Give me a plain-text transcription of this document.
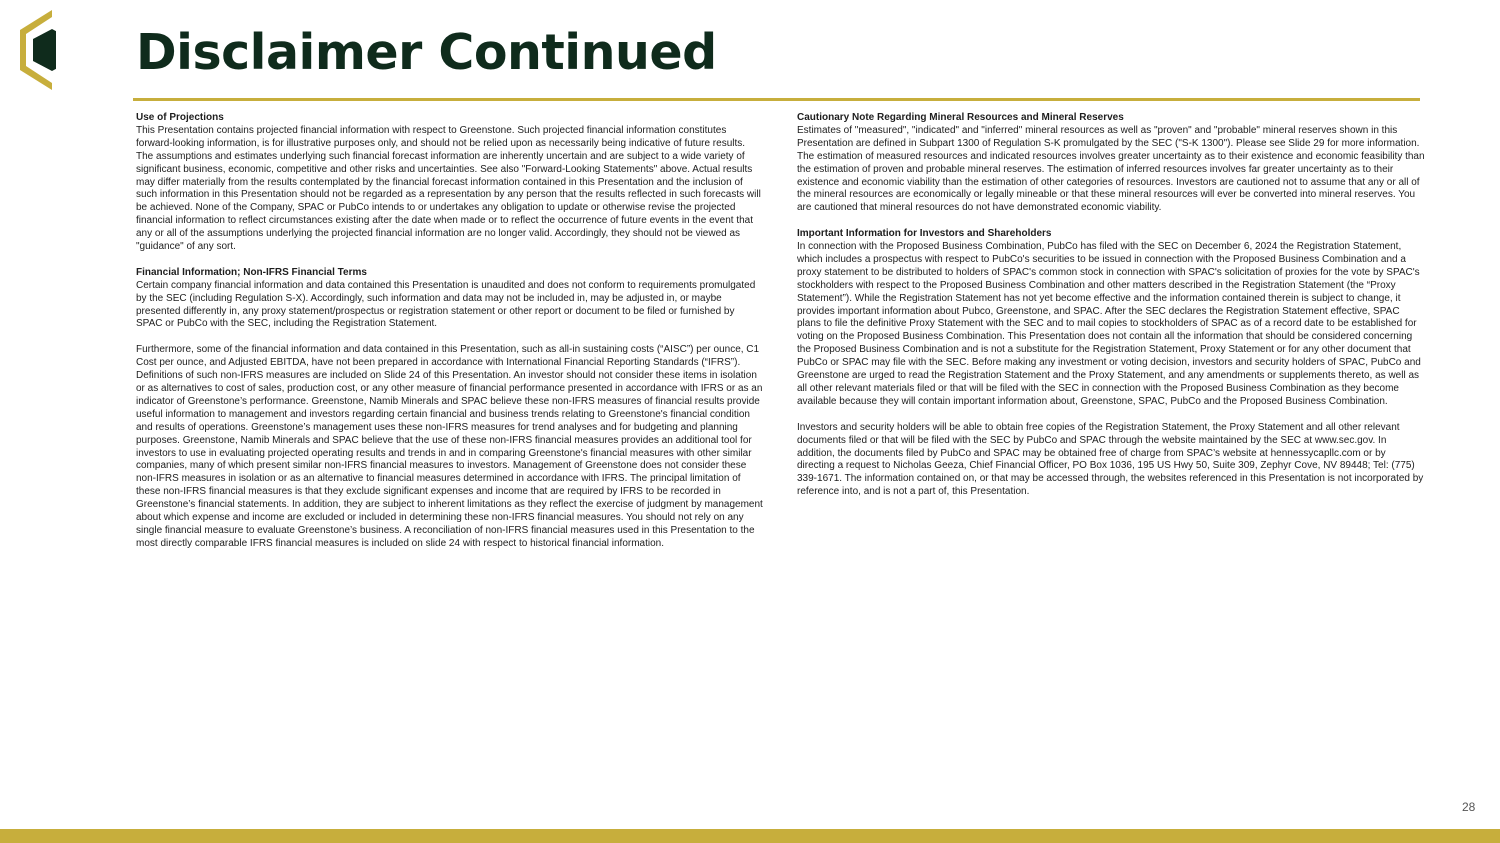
Disclaimer Continued
Use of Projections
This Presentation contains projected financial information with respect to Greenstone. Such projected financial information constitutes forward-looking information, is for illustrative purposes only, and should not be relied upon as necessarily being indicative of future results. The assumptions and estimates underlying such financial forecast information are inherently uncertain and are subject to a wide variety of significant business, economic, competitive and other risks and uncertainties. See also "Forward-Looking Statements" above. Actual results may differ materially from the results contemplated by the financial forecast information contained in this Presentation and the inclusion of such information in this Presentation should not be regarded as a representation by any person that the results reflected in such forecasts will be achieved. None of the Company, SPAC or PubCo intends to or undertakes any obligation to update or otherwise revise the projected financial information to reflect circumstances existing after the date when made or to reflect the occurrence of future events in the event that any or all of the assumptions underlying the projected financial information are no longer valid. Accordingly, they should not be viewed as "guidance" of any sort.
Financial Information; Non-IFRS Financial Terms
Certain company financial information and data contained this Presentation is unaudited and does not conform to requirements promulgated by the SEC (including Regulation S-X). Accordingly, such information and data may not be included in, may be adjusted in, or maybe presented differently in, any proxy statement/prospectus or registration statement or other report or document to be filed or furnished by SPAC or PubCo with the SEC, including the Registration Statement.
Furthermore, some of the financial information and data contained in this Presentation, such as all-in sustaining costs (“AISC”) per ounce, C1 Cost per ounce, and Adjusted EBITDA, have not been prepared in accordance with International Financial Reporting Standards (“IFRS”). Definitions of such non-IFRS measures are included on Slide 24 of this Presentation. An investor should not consider these items in isolation or as alternatives to cost of sales, production cost, or any other measure of financial performance presented in accordance with IFRS or as an indicator of Greenstone’s performance. Greenstone, Namib Minerals and SPAC believe these non-IFRS measures of financial results provide useful information to management and investors regarding certain financial and business trends relating to Greenstone's financial condition and results of operations. Greenstone’s management uses these non-IFRS measures for trend analyses and for budgeting and planning purposes. Greenstone, Namib Minerals and SPAC believe that the use of these non-IFRS financial measures provides an additional tool for investors to use in evaluating projected operating results and trends in and in comparing Greenstone's financial measures with other similar companies, many of which present similar non-IFRS financial measures to investors. Management of Greenstone does not consider these non-IFRS measures in isolation or as an alternative to financial measures determined in accordance with IFRS. The principal limitation of these non-IFRS financial measures is that they exclude significant expenses and income that are required by IFRS to be recorded in Greenstone’s financial statements. In addition, they are subject to inherent limitations as they reflect the exercise of judgment by management about which expense and income are excluded or included in determining these non-IFRS financial measures. You should not rely on any single financial measure to evaluate Greenstone’s business. A reconciliation of non-IFRS financial measures used in this Presentation to the most directly comparable IFRS financial measures is included on slide 24 with respect to historical financial information.
Cautionary Note Regarding Mineral Resources and Mineral Reserves
Estimates of "measured", "indicated" and "inferred" mineral resources as well as "proven" and "probable" mineral reserves shown in this Presentation are defined in Subpart 1300 of Regulation S-K promulgated by the SEC ("S-K 1300"). Please see Slide 29 for more information. The estimation of measured resources and indicated resources involves greater uncertainty as to their existence and economic feasibility than the estimation of proven and probable mineral reserves. The estimation of inferred resources involves far greater uncertainty as to their existence and economic viability than the estimation of other categories of resources. Investors are cautioned not to assume that any or all of the mineral resources are economically or legally mineable or that these mineral resources will ever be converted into mineral reserves. You are cautioned that mineral resources do not have demonstrated economic viability.
Important Information for Investors and Shareholders
In connection with the Proposed Business Combination, PubCo has filed with the SEC on December 6, 2024 the Registration Statement, which includes a prospectus with respect to PubCo's securities to be issued in connection with the Proposed Business Combination and a proxy statement to be distributed to holders of SPAC's common stock in connection with SPAC's solicitation of proxies for the vote by SPAC's stockholders with respect to the Proposed Business Combination and other matters described in the Registration Statement (the “Proxy Statement”). While the Registration Statement has not yet become effective and the information contained therein is subject to change, it provides important information about Pubco, Greenstone, and SPAC. After the SEC declares the Registration Statement effective, SPAC plans to file the definitive Proxy Statement with the SEC and to mail copies to stockholders of SPAC as of a record date to be established for voting on the Proposed Business Combination. This Presentation does not contain all the information that should be considered concerning the Proposed Business Combination and is not a substitute for the Registration Statement, Proxy Statement or for any other document that PubCo or SPAC may file with the SEC. Before making any investment or voting decision, investors and security holders of SPAC, PubCo and Greenstone are urged to read the Registration Statement and the Proxy Statement, and any amendments or supplements thereto, as well as all other relevant materials filed or that will be filed with the SEC in connection with the Proposed Business Combination as they become available because they will contain important information about, Greenstone, SPAC, PubCo and the Proposed Business Combination.
Investors and security holders will be able to obtain free copies of the Registration Statement, the Proxy Statement and all other relevant documents filed or that will be filed with the SEC by PubCo and SPAC through the website maintained by the SEC at www.sec.gov. In addition, the documents filed by PubCo and SPAC may be obtained free of charge from SPAC’s website at hennessycapllc.com or by directing a request to Nicholas Geeza, Chief Financial Officer, PO Box 1036, 195 US Hwy 50, Suite 309, Zephyr Cove, NV 89448; Tel: (775) 339-1671. The information contained on, or that may be accessed through, the websites referenced in this Presentation is not incorporated by reference into, and is not a part of, this Presentation.
28
